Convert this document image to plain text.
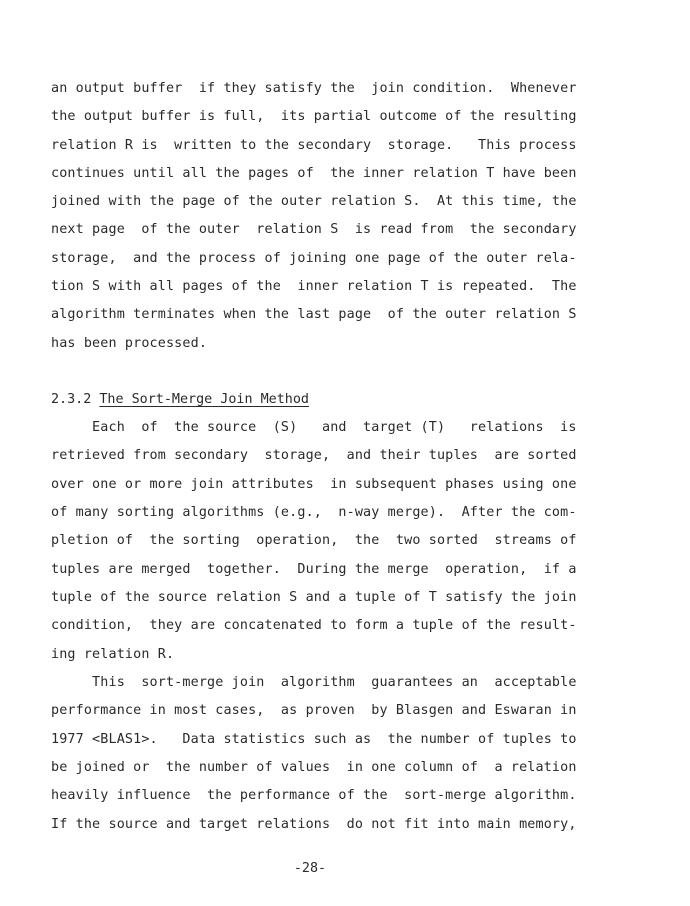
an output buffer  if they satisfy the  join condition.  Whenever
the output buffer is full,  its partial outcome of the resulting
relation R is  written to the secondary  storage.   This process
continues until all the pages of  the inner relation T have been
joined with the page of the outer relation S.  At this time, the
next page  of the outer  relation S  is read from  the secondary
storage,  and the process of joining one page of the outer rela-
tion S with all pages of the  inner relation T is repeated.  The
algorithm terminates when the last page  of the outer relation S
has been processed.
2.3.2 The Sort-Merge Join Method
Each  of  the source  (S)   and  target (T)   relations  is
retrieved from secondary  storage,  and their tuples  are sorted
over one or more join attributes  in subsequent phases using one
of many sorting algorithms (e.g.,  n-way merge).  After the com-
pletion of  the sorting  operation,  the  two sorted  streams of
tuples are merged  together.  During the merge  operation,  if a
tuple of the source relation S and a tuple of T satisfy the join
condition,  they are concatenated to form a tuple of the result-
ing relation R.
This  sort-merge join  algorithm  guarantees an  acceptable
performance in most cases,  as proven  by Blasgen and Eswaran in
1977 <BLAS1>.   Data statistics such as  the number of tuples to
be joined or  the number of values  in one column of  a relation
heavily influence  the performance of the  sort-merge algorithm.
If the source and target relations  do not fit into main memory,
-28-
